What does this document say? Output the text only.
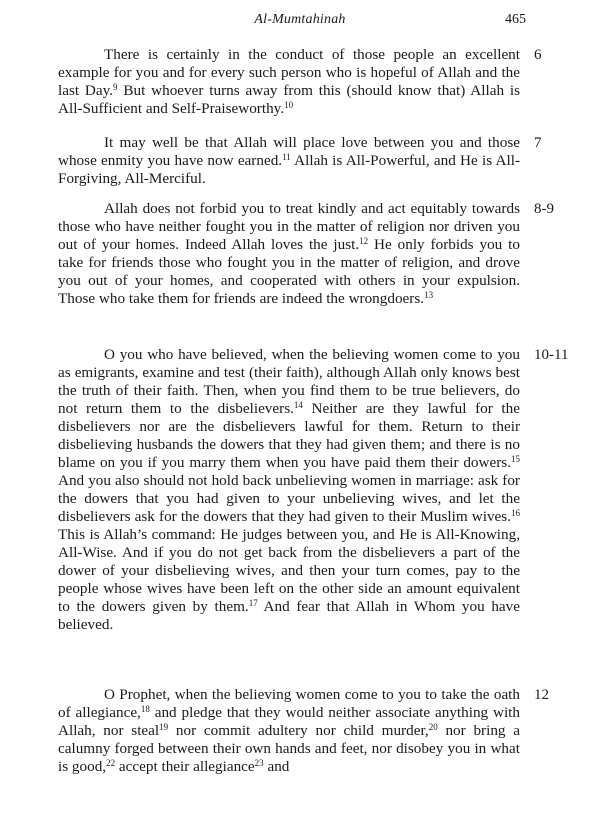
Al-Mumtahinah	465

There is certainly in the conduct of those people an excellent example for you and for every such person who is hopeful of Allah and the last Day.$^9$ But whoever turns away from this (should know that) Allah is All-Sufficient and Self-Praiseworthy.$^{10}$

6

It may well be that Allah will place love between you and those whose enmity you have now earned.$^{11}$ Allah is All-Powerful, and He is All-Forgiving, All-Merciful.

7

Allah does not forbid you to treat kindly and act equitably towards those who have neither fought you in the matter of religion nor driven you out of your homes. Indeed Allah loves the just.$^{12}$ He only forbids you to take for friends those who fought you in the matter of religion, and drove you out of your homes, and cooperated with others in your expulsion. Those who take them for friends are indeed the wrongdoers.$^{13}$

8-9

O you who have believed, when the believing women come to you as emigrants, examine and test (their faith), although Allah only knows best the truth of their faith. Then, when you find them to be true believers, do not return them to the disbelievers.$^{14}$ Neither are they lawful for the disbelievers nor are the disbelievers lawful for them. Return to their disbelieving husbands the dowers that they had given them; and there is no blame on you if you marry them when you have paid them their dowers.$^{15}$ And you also should not hold back unbelieving women in marriage: ask for the dowers that you had given to your unbelieving wives, and let the disbelievers ask for the dowers that they had given to their Muslim wives.$^{16}$ This is Allah’s command: He judges between you, and He is All-Knowing, All-Wise. And if you do not get back from the disbelievers a part of the dower of your disbelieving wives, and then your turn comes, pay to the people whose wives have been left on the other side an amount equivalent to the dowers given by them.$^{17}$ And fear that Allah in Whom you have believed.

10-11

O Prophet, when the believing women come to you to take the oath of allegiance,$^{18}$ and pledge that they would neither associate anything with Allah, nor steal$^{19}$ nor commit adultery nor child murder,$^{20}$ nor bring a calumny forged between their own hands and feet, nor disobey you in what is good,$^{22}$ accept their allegiance$^{23}$ and

12
